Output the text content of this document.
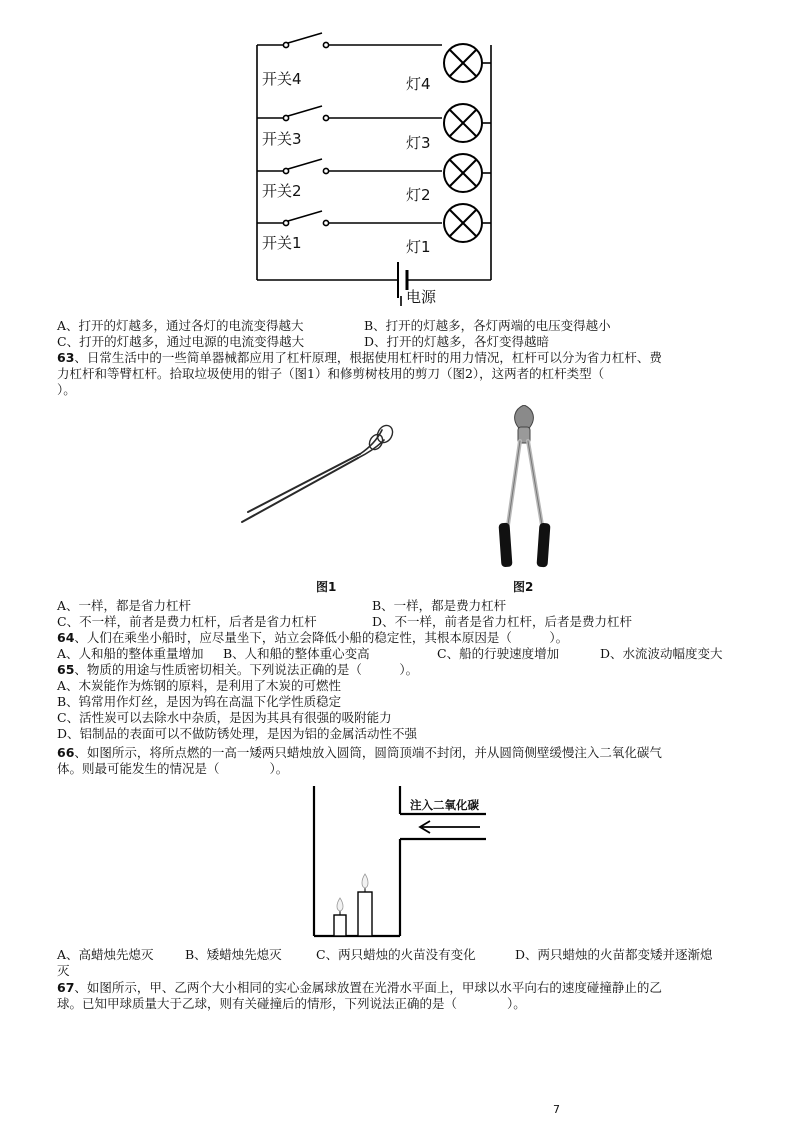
开关4	灯4
开关3	灯3
开关2	灯2
开关1	灯1
电源
A、打开的灯越多，通过各灯的电流变得越大	B、打开的灯越多，各灯两端的电压变得越小
C、打开的灯越多，通过电源的电流变得越大	D、打开的灯越多，各灯变得越暗
63、日常生活中的一些简单器械都应用了杠杆原理，根据使用杠杆时的用力情况，杠杆可以分为省力杠杆、费
力杠杆和等臂杠杆。拾取垃圾使用的钳子（图1）和修剪树枝用的剪刀（图2），这两者的杠杆类型（
）。
图1	图2
A、一样，都是省力杠杆	B、一样，都是费力杠杆
C、不一样，前者是费力杠杆，后者是省力杠杆	D、不一样，前者是省力杠杆，后者是费力杠杆
64、人们在乘坐小船时，应尽量坐下，站立会降低小船的稳定性，其根本原因是（　　　）。
A、人和船的整体重量增加 B、人和船的整体重心变高	C、船的行驶速度增加	D、水流波动幅度变大
65、物质的用途与性质密切相关。下列说法正确的是（　　　）。
A、木炭能作为炼钢的原料，是利用了木炭的可燃性
B、钨常用作灯丝，是因为钨在高温下化学性质稳定
C、活性炭可以去除水中杂质，是因为其具有很强的吸附能力
D、铝制品的表面可以不做防锈处理，是因为铝的金属活动性不强
66、如图所示，将所点燃的一高一矮两只蜡烛放入圆筒，圆筒顶端不封闭，并从圆筒侧壁缓慢注入二氧化碳气
体。则最可能发生的情况是（　　　　）。
注入二氧化碳
A、高蜡烛先熄灭	B、矮蜡烛先熄灭	C、两只蜡烛的火苗没有变化	D、两只蜡烛的火苗都变矮并逐渐熄
灭
67、如图所示，甲、乙两个大小相同的实心金属球放置在光滑水平面上，甲球以水平向右的速度碰撞静止的乙
球。已知甲球质量大于乙球，则有关碰撞后的情形，下列说法正确的是（　　　　）。
7
